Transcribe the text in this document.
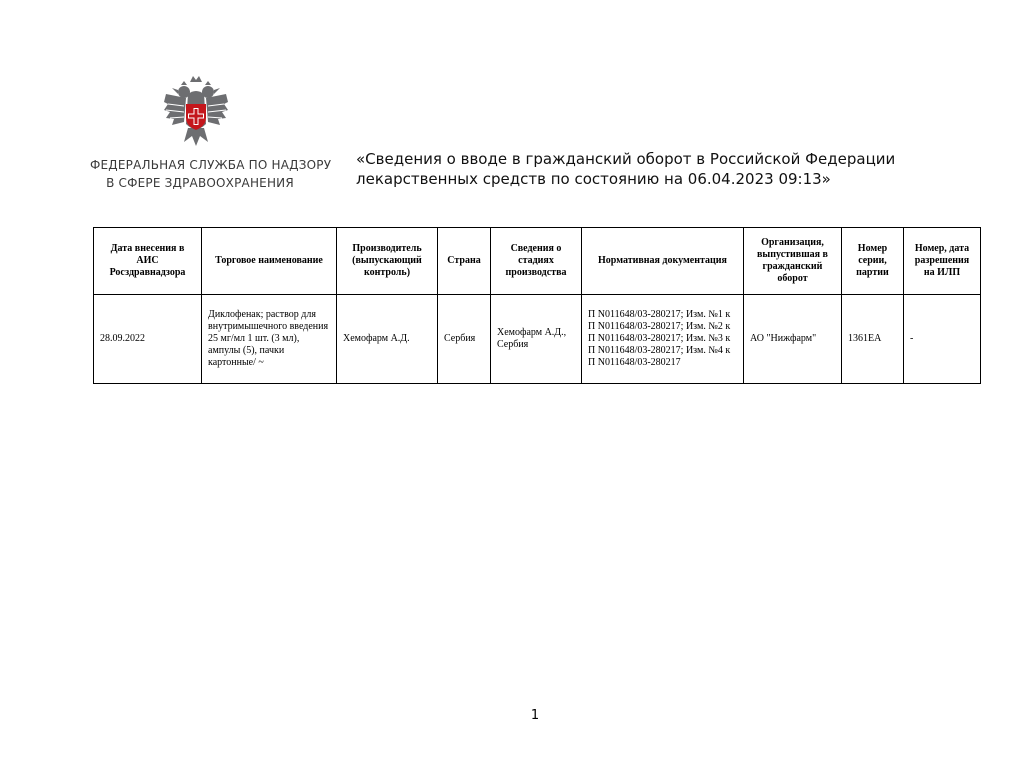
ФЕДЕРАЛЬНАЯ СЛУЖБА ПО НАДЗОРУ
В СФЕРЕ ЗДРАВООХРАНЕНИЯ
«Сведения о вводе в гражданский оборот в Российской Федерации
лекарственных средств по состоянию на 06.04.2023 09:13»
Дата внесения в АИС Росздравнадзора	Торговое наименование	Производитель (выпускающий контроль)	Страна	Сведения о стадиях производства	Нормативная документация	Организация, выпустившая в гражданский оборот	Номер серии, партии	Номер, дата разрешения на ИЛП
28.09.2022	Диклофенак; раствор для внутримышечного введения 25 мг/мл 1 шт. (3 мл), ампулы (5), пачки картонные/ ~	Хемофарм А.Д.	Сербия	Хемофарм А.Д., Сербия	П N011648/03-280217; Изм. №1 к П N011648/03-280217; Изм. №2 к П N011648/03-280217; Изм. №3 к П N011648/03-280217; Изм. №4 к П N011648/03-280217	АО "Нижфарм"	1361EA	-
1
